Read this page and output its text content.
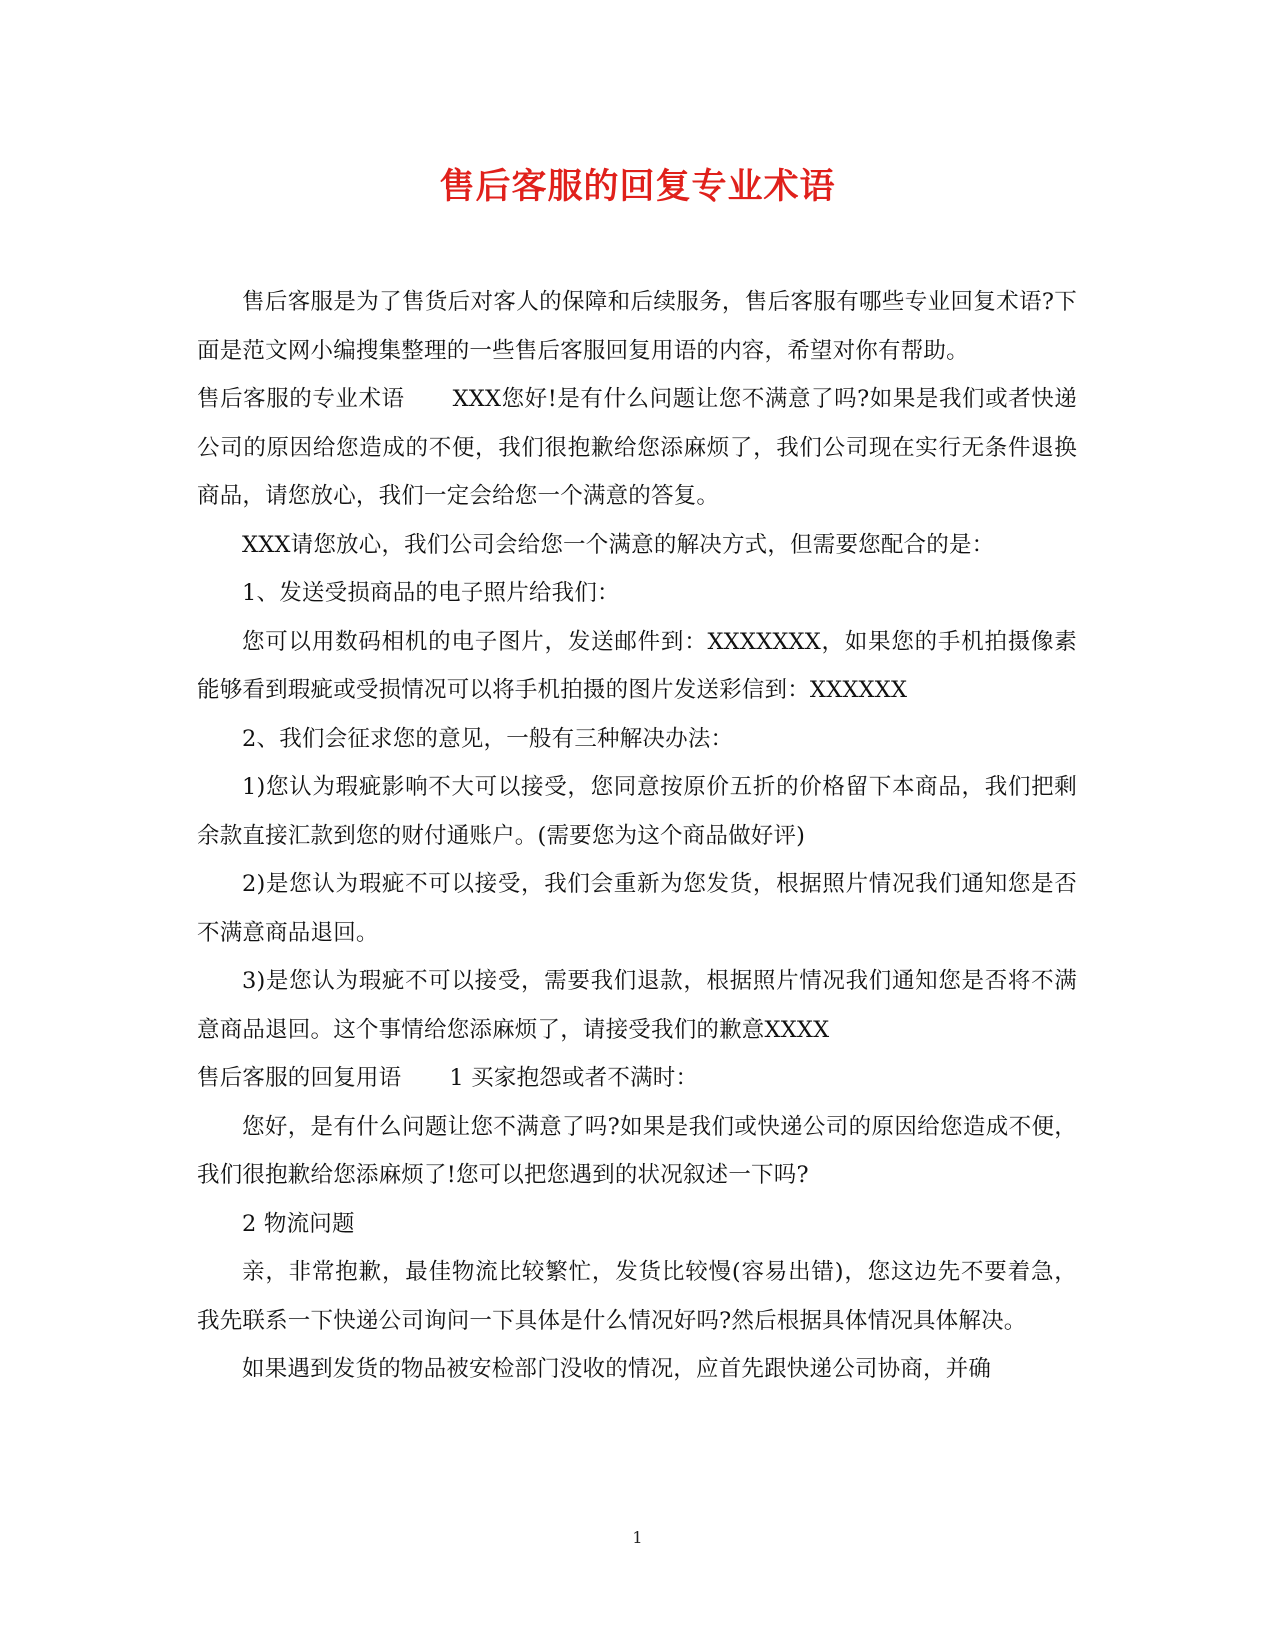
售后客服的回复专业术语

售后客服是为了售货后对客人的保障和后续服务，售后客服有哪些专业回复术语?下面是范文网小编搜集整理的一些售后客服回复用语的内容，希望对你有帮助。

售后客服的专业术语 XXX您好!是有什么问题让您不满意了吗?如果是我们或者快递公司的原因给您造成的不便，我们很抱歉给您添麻烦了，我们公司现在实行无条件退换商品，请您放心，我们一定会给您一个满意的答复。

XXX请您放心，我们公司会给您一个满意的解决方式，但需要您配合的是：

1、发送受损商品的电子照片给我们：

您可以用数码相机的电子图片，发送邮件到：XXXXXXX，如果您的手机拍摄像素能够看到瑕疵或受损情况可以将手机拍摄的图片发送彩信到：XXXXXX

2、我们会征求您的意见，一般有三种解决办法：

1)您认为瑕疵影响不大可以接受，您同意按原价五折的价格留下本商品，我们把剩余款直接汇款到您的财付通账户。(需要您为这个商品做好评)

2)是您认为瑕疵不可以接受，我们会重新为您发货，根据照片情况我们通知您是否不满意商品退回。

3)是您认为瑕疵不可以接受，需要我们退款，根据照片情况我们通知您是否将不满意商品退回。这个事情给您添麻烦了，请接受我们的歉意XXXX

售后客服的回复用语 1 买家抱怨或者不满时：

您好，是有什么问题让您不满意了吗?如果是我们或快递公司的原因给您造成不便，我们很抱歉给您添麻烦了!您可以把您遇到的状况叙述一下吗?

2 物流问题

亲，非常抱歉，最佳物流比较繁忙，发货比较慢(容易出错)，您这边先不要着急，我先联系一下快递公司询问一下具体是什么情况好吗?然后根据具体情况具体解决。

如果遇到发货的物品被安检部门没收的情况，应首先跟快递公司协商，并确

1
